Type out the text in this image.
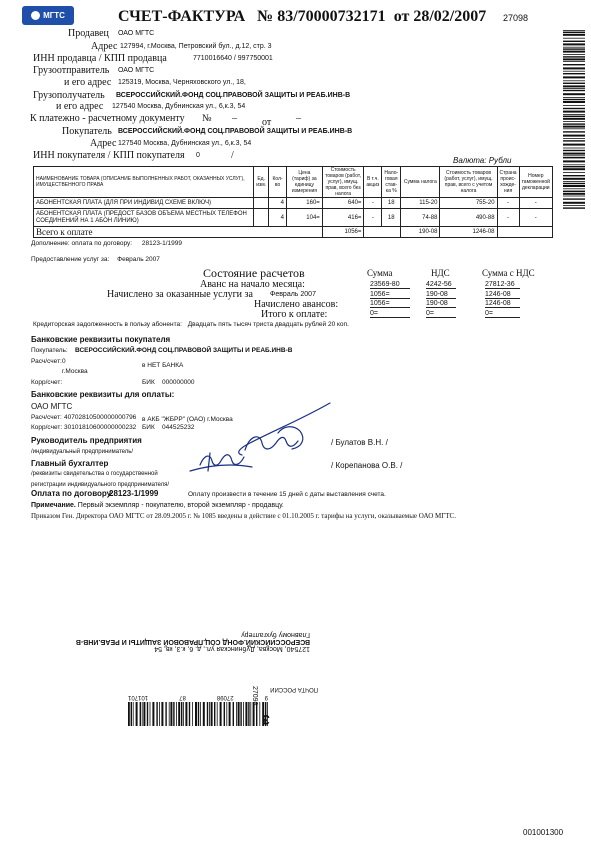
МГТС	СЧЕТ-ФАКТУРА № 83/70000732171 от 28/02/2007 27098
Продавец ОАО МГТС
Адрес 127994, г.Москва, Петровский бул., д.12, стр. 3
ИНН продавца / КПП продавца	7710016640 / 997750001
Грузоотправитель ОАО МГТС
и его адрес 125319, Москва, Черняховского ул., 18,
Грузополучатель ВСЕРОССИЙСКИЙ.ФОНД СОЦ.ПРАВОВОЙ ЗАЩИТЫ И РЕАБ.ИНВ-В
и его адрес 127540 Москва, Дубнинская ул., 6,к.3, 54
К платежно - расчетному документу № –	от –
Покупатель ВСЕРОССИЙСКИЙ.ФОНД СОЦ.ПРАВОВОЙ ЗАЩИТЫ И РЕАБ.ИНВ-В
Адрес 127540 Москва, Дубнинская ул., 6,к.3, 54
ИНН покупателя / КПП покупателя 0	/	Валюта: Рубли
НАИМЕНОВАНИЕ ТОВАРА (ОПИСАНИЕ ВЫПОЛНЕННЫХ РАБОТ, ОКАЗАННЫХ УСЛУГ), ИМУЩЕСТВЕННОГО ПРАВА	Ед. изм.	Кол- во	Цена (тариф) за единицу измерения	Стоимость товаров (работ, услуг), имущ. прав, всего без налога	В т.ч. акциз	Нало- говая став- ка %	Сумма налога	Стоимость товаров (работ, услуг), имущ. прав, всего с учетом налога	Страна проис- хожде- ния	Номер таможенной декларации
АБОНЕНТСКАЯ ПЛАТА (ДЛЯ ПРИ ИНДИВИД СХЕМЕ ВКЛЮЧ)		4	160=	640=	-	18	115-20	755-20	-	-
АБОНЕНТСКАЯ ПЛАТА (ПРЕДОСТ БАЗОВ ОБЪЕМА МЕСТНЫХ ТЕЛЕФОН СОЕДИНЕНИЙ НА 1 АБОН ЛИНИЮ)		4	104=	416=	-	18	74-88	490-88	-	-
Всего к оплате				1056=			190-08	1246-08		
Дополнение: оплата по договору: 28123-1/1999
Предоставление услуг за: Февраль 2007
Состояние расчетов	Сумма	НДС	Сумма с НДС
Аванс на начало месяца:	23569-80	4242-56	27812-36
Начислено за оказанные услуги за Февраль 2007	1056=	190-08	1246-08
Начислено авансов:	1056=	190-08	1246-08
Итого к оплате:	0=	0=	0=
Кредиторская задолженность в пользу абонента: Двадцать пять тысяч триста двадцать рублей 20 коп.
Банковские реквизиты покупателя
Покупатель: ВСЕРОССИЙСКИЙ.ФОНД СОЦ.ПРАВОВОЙ ЗАЩИТЫ И РЕАБ.ИНВ-В
Расч/счет: 0
в НЕТ БАНКА
г.Москва
Корр/счет:	БИК 000000000
Банковские реквизиты для оплаты:
ОАО МГТС
Расч/счет: 40702810500000000796 в АКБ "ЖБРР" (ОАО) г.Москва
Корр/счет: 30101810600000000232 БИК 044525232
Руководитель предприятия
/индивидуальный предприниматель/
/ Булатов В.Н. /
Главный бухгалтер
/реквизиты свидетельства о государственной регистрации индивидуального предпринимателя/
/ Корепанова О.В. /
Оплата по договору:
28123-1/1999	Оплату произвести в течение 15 дней с даты выставления счета.
Примечание. Первый экземпляр - покупателю, второй экземпляр - продавцу.
Приказом Ген. Директора ОАО МГТС от 28.09.2005 г. № 1085 введены в действие с 01.10.2005 г. тарифы на услуги, оказываемые ОАО МГТС.
127540, Москва, Дубнинская ул., д. 6, к.3, кв. 54
ВСЕРОССИЙСКИЙ.ФОНД СОЦ.ПРАВОВОЙ ЗАЩИТЫ И РЕАБ.ИНВ-В
Главному бухгалтеру
9
27098
87
101701
ПОЧТА РОССИИ
27098
3
001001300
